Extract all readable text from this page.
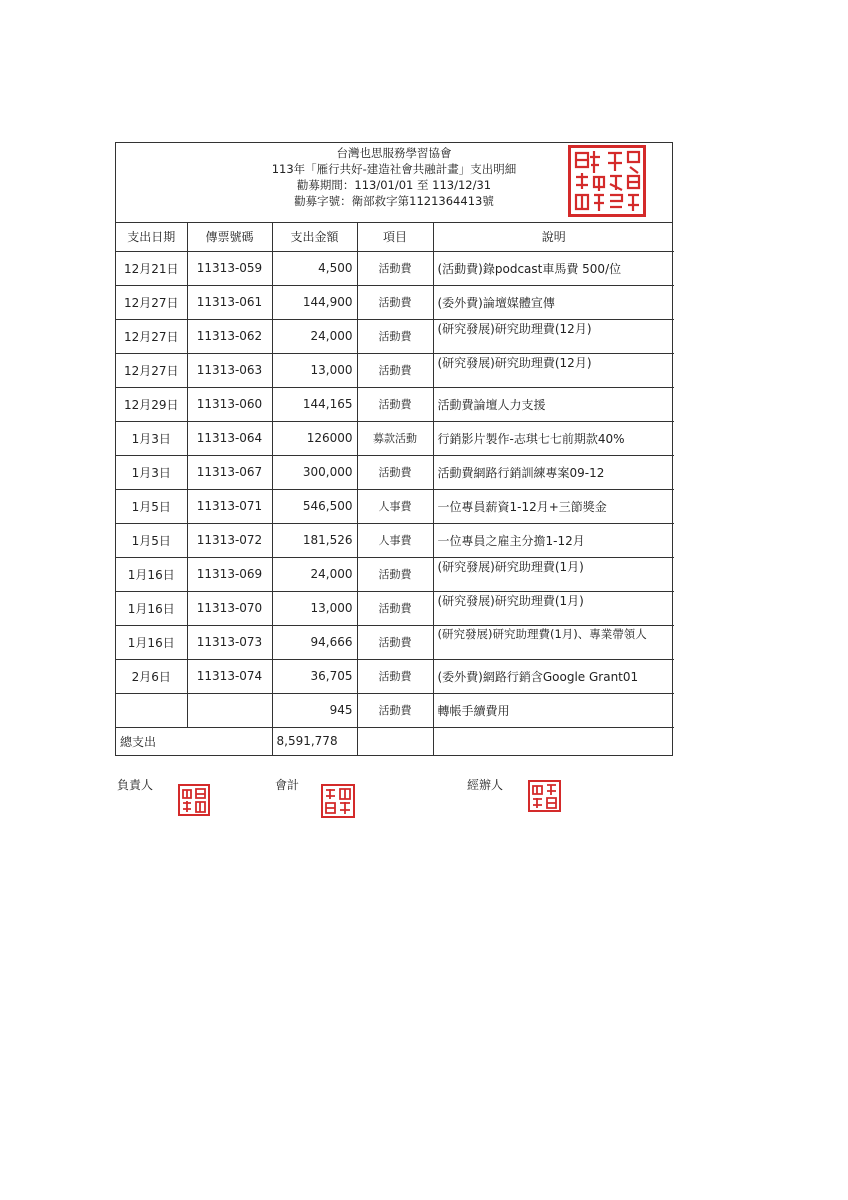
台灣也思服務學習協會
113年「雁行共好-建造社會共融計畫」支出明細
勸募期間：113/01/01 至 113/12/31
勸募字號：衛部救字第1121364413號
支出日期	傳票號碼	支出金額	項目	說明
12月21日	11313-059	4,500	活動費	(活動費)錄podcast車馬費 500/位
12月27日	11313-061	144,900	活動費	(委外費)論壇媒體宣傳
12月27日	11313-062	24,000	活動費	(研究發展)研究助理費(12月)
12月27日	11313-063	13,000	活動費	(研究發展)研究助理費(12月)
12月29日	11313-060	144,165	活動費	活動費論壇人力支援
1月3日	11313-064	126000	募款活動	行銷影片製作-志琪七七前期款40%
1月3日	11313-067	300,000	活動費	活動費網路行銷訓練專案09-12
1月5日	11313-071	546,500	人事費	一位專員薪資1-12月+三節獎金
1月5日	11313-072	181,526	人事費	一位專員之雇主分擔1-12月
1月16日	11313-069	24,000	活動費	(研究發展)研究助理費(1月)
1月16日	11313-070	13,000	活動費	(研究發展)研究助理費(1月)
1月16日	11313-073	94,666	活動費	(研究發展)研究助理費(1月)、專業帶領人
2月6日	11313-074	36,705	活動費	(委外費)網路行銷含Google Grant01
		945	活動費	轉帳手續費用
總支出		8,591,778		
負責人	會計	經辦人
